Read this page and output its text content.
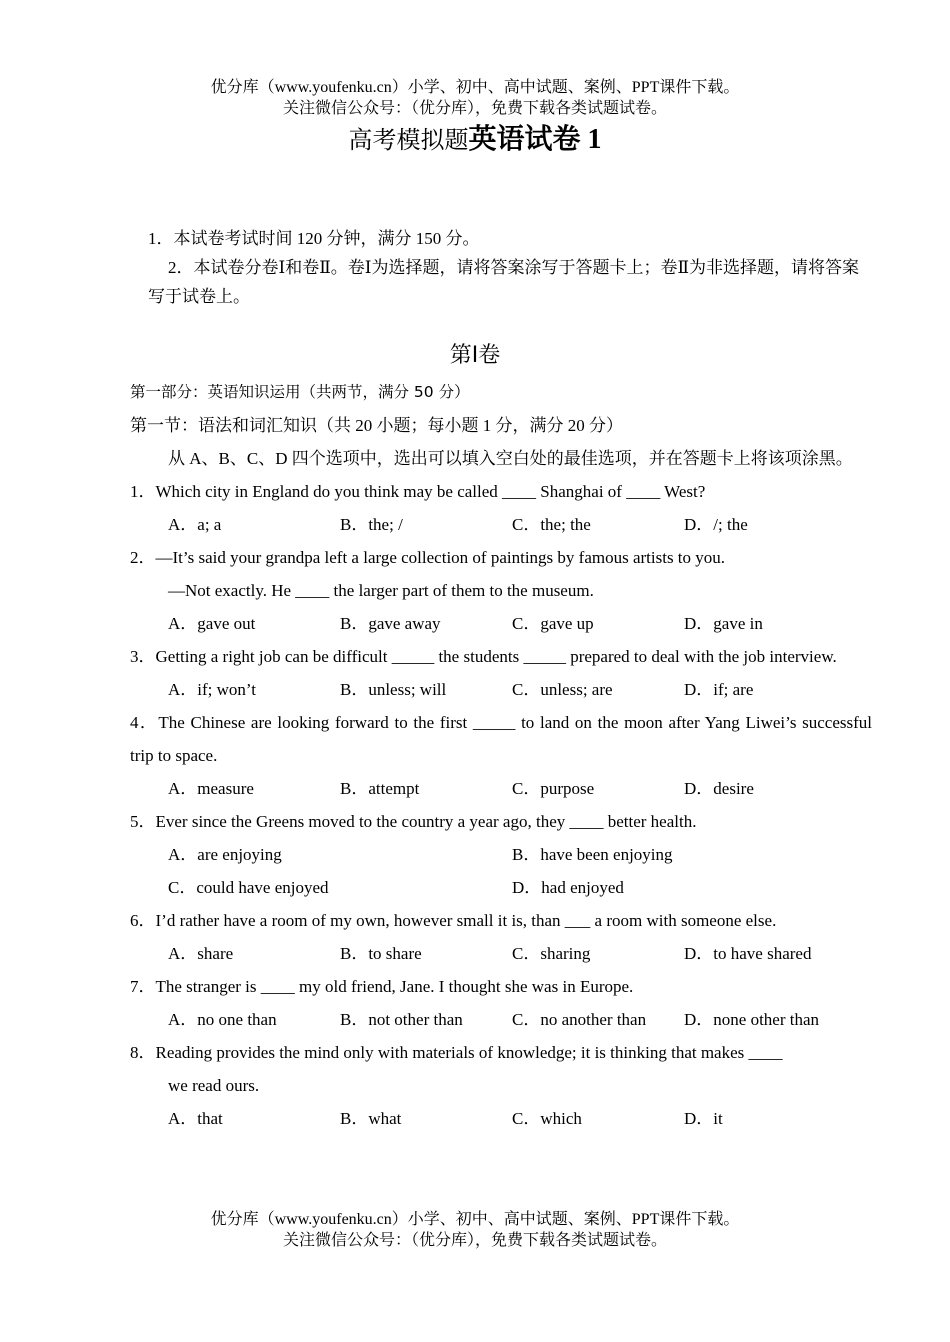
优分库（www.youfenku.cn）小学、初中、高中试题、案例、PPT课件下载。
关注微信公众号：（优分库），免费下载各类试题试卷。
高考模拟题英语试卷 1
1．本试卷考试时间 120 分钟，满分 150 分。
2．本试卷分卷Ⅰ和卷Ⅱ。卷Ⅰ为选择题，请将答案涂写于答题卡上；卷Ⅱ为非选择题，请将答案写于试卷上。
第Ⅰ卷
第一部分：英语知识运用（共两节，满分 50 分）
第一节：语法和词汇知识（共 20 小题；每小题 1 分，满分 20 分）
从 A、B、C、D 四个选项中，选出可以填入空白处的最佳选项，并在答题卡上将该项涂黑。
1．Which city in England do you think may be called ____ Shanghai of ____ West?
A．a; a	B．the; /	C．the; the	D．/; the
2．—It’s said your grandpa left a large collection of paintings by famous artists to you.
—Not exactly. He ____ the larger part of them to the museum.
A．gave out	B．gave away	C．gave up	D．gave in
3．Getting a right job can be difficult _____ the students _____ prepared to deal with the job interview.
A．if; won’t	B．unless; will	C．unless; are	D．if; are
4．The Chinese are looking forward to the first _____ to land on the moon after Yang Liwei’s successful trip to space.
A．measure	B．attempt	C．purpose	D．desire
5．Ever since the Greens moved to the country a year ago, they ____ better health.
A．are enjoying	B．have been enjoying
C．could have enjoyed	D．had enjoyed
6．I’d rather have a room of my own, however small it is, than ___ a room with someone else.
A．share	B．to share	C．sharing	D．to have shared
7．The stranger is ____ my old friend, Jane. I thought she was in Europe.
A．no one than	B．not other than	C．no another than	D．none other than
8．Reading provides the mind only with materials of knowledge; it is thinking that makes ____
we read ours.
A．that	B．what	C．which	D．it
优分库（www.youfenku.cn）小学、初中、高中试题、案例、PPT课件下载。
关注微信公众号：（优分库），免费下载各类试题试卷。
